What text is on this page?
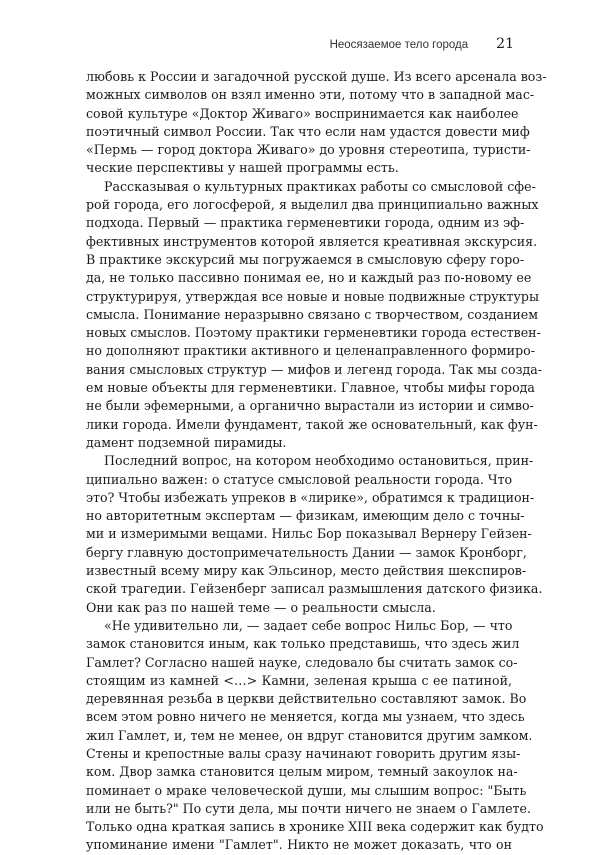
Неосязаемое тело города 21
любовь к России и загадочной русской душе. Из всего арсенала воз-
можных символов он взял именно эти, потому что в западной мас-
совой культуре «Доктор Живаго» воспринимается как наиболее
поэтичный символ России. Так что если нам удастся довести миф
«Пермь — город доктора Живаго» до уровня стереотипа, туристи-
ческие перспективы у нашей программы есть.
Рассказывая о культурных практиках работы со смысловой сфе-
рой города, его логосферой, я выделил два принципиально важных
подхода. Первый — практика герменевтики города, одним из эф-
фективных инструментов которой является креативная экскурсия.
В практике экскурсий мы погружаемся в смысловую сферу горо-
да, не только пассивно понимая ее, но и каждый раз по-новому ее
структурируя, утверждая все новые и новые подвижные структуры
смысла. Понимание неразрывно связано с творчеством, созданием
новых смыслов. Поэтому практики герменевтики города естествен-
но дополняют практики активного и целенаправленного формиро-
вания смысловых структур — мифов и легенд города. Так мы созда-
ем новые объекты для герменевтики. Главное, чтобы мифы города
не были эфемерными, а органично вырастали из истории и симво-
лики города. Имели фундамент, такой же основательный, как фун-
дамент подземной пирамиды.
Последний вопрос, на котором необходимо остановиться, прин-
ципиально важен: о статусе смысловой реальности города. Что
это? Чтобы избежать упреков в «лирике», обратимся к традицион-
но авторитетным экспертам — физикам, имеющим дело с точны-
ми и измеримыми вещами. Нильс Бор показывал Вернеру Гейзен-
бергу главную достопримечательность Дании — замок Кронборг,
известный всему миру как Эльсинор, место действия шекспиров-
ской трагедии. Гейзенберг записал размышления датского физика.
Они как раз по нашей теме — о реальности смысла.
«Не удивительно ли, — задает себе вопрос Нильс Бор, — что
замок становится иным, как только представишь, что здесь жил
Гамлет? Согласно нашей науке, следовало бы считать замок со-
стоящим из камней <…> Камни, зеленая крыша с ее патиной,
деревянная резьба в церкви действительно составляют замок. Во
всем этом ровно ничего не меняется, когда мы узнаем, что здесь
жил Гамлет, и, тем не менее, он вдруг становится другим замком.
Стены и крепостные валы сразу начинают говорить другим язы-
ком. Двор замка становится целым миром, темный закоулок на-
поминает о мраке человеческой души, мы слышим вопрос: "Быть
или не быть?" По сути дела, мы почти ничего не знаем о Гамлете.
Только одна краткая запись в хронике XIII века содержит как будто
упоминание имени "Гамлет". Никто не может доказать, что он
